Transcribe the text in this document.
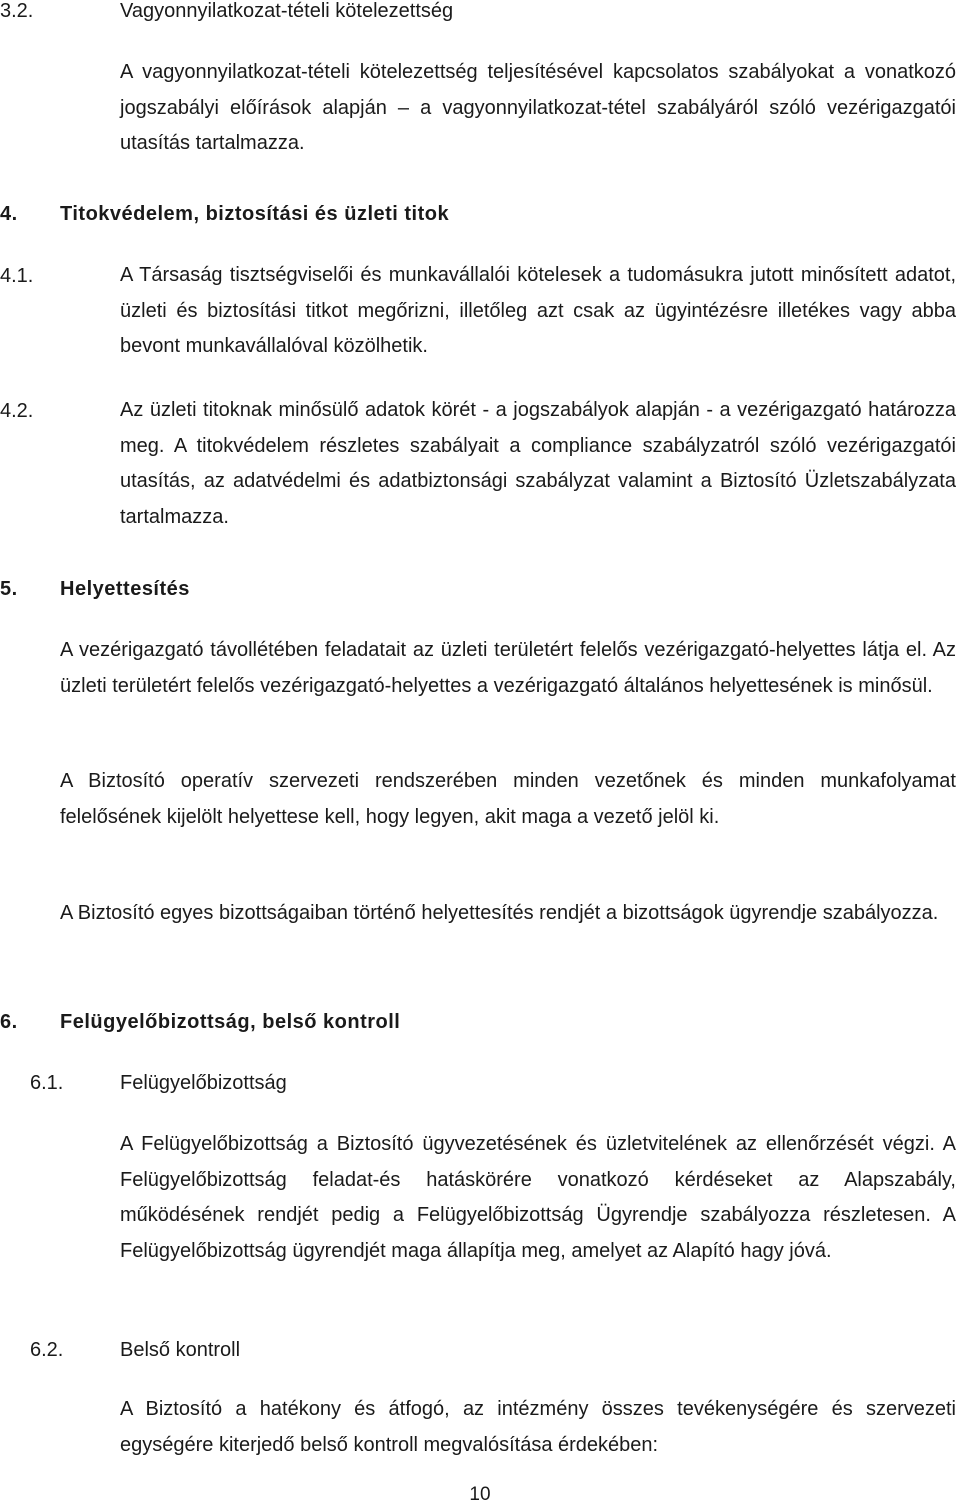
3.2.	Vagyonnyilatkozat-tételi kötelezettség

A vagyonnyilatkozat-tételi kötelezettség teljesítésével kapcsolatos szabályokat a vonatkozó jogszabályi előírások alapján – a vagyonnyilatkozat-tétel szabályáról szóló vezérigazgatói utasítás tartalmazza.

4. Titokvédelem, biztosítási és üzleti titok
4.1.	A Társaság tisztségviselői és munkavállalói kötelesek a tudomásukra jutott minősített adatot, üzleti és biztosítási titkot megőrizni, illetőleg azt csak az ügyintézésre illetékes vagy abba bevont munkavállalóval közölhetik.

4.2.	Az üzleti titoknak minősülő adatok körét - a jogszabályok alapján - a vezérigazgató határozza meg. A titokvédelem részletes szabályait a compliance szabályzatról szóló vezérigazgatói utasítás, az adatvédelmi és adatbiztonsági szabályzat valamint a Biztosító Üzletszabályzata tartalmazza.

5. Helyettesítés

A vezérigazgató távollétében feladatait az üzleti területért felelős vezérigazgató-helyettes látja el. Az üzleti területért felelős vezérigazgató-helyettes a vezérigazgató általános helyettesének is minősül.

A Biztosító operatív szervezeti rendszerében minden vezetőnek és minden munkafolyamat felelősének kijelölt helyettese kell, hogy legyen, akit maga a vezető jelöl ki.

A Biztosító egyes bizottságaiban történő helyettesítés rendjét a bizottságok ügyrendje szabályozza.

6. Felügyelőbizottság, belső kontroll
6.1.	Felügyelőbizottság

A Felügyelőbizottság a Biztosító ügyvezetésének és üzletvitelének az ellenőrzését végzi. A Felügyelőbizottság feladat-és hatáskörére vonatkozó kérdéseket az Alapszabály, működésének rendjét pedig a Felügyelőbizottság Ügyrendje szabályozza részletesen. A Felügyelőbizottság ügyrendjét maga állapítja meg, amelyet az Alapító hagy jóvá.

6.2.	Belső kontroll

A Biztosító a hatékony és átfogó, az intézmény összes tevékenységére és szervezeti egységére kiterjedő belső kontroll megvalósítása érdekében:

10
